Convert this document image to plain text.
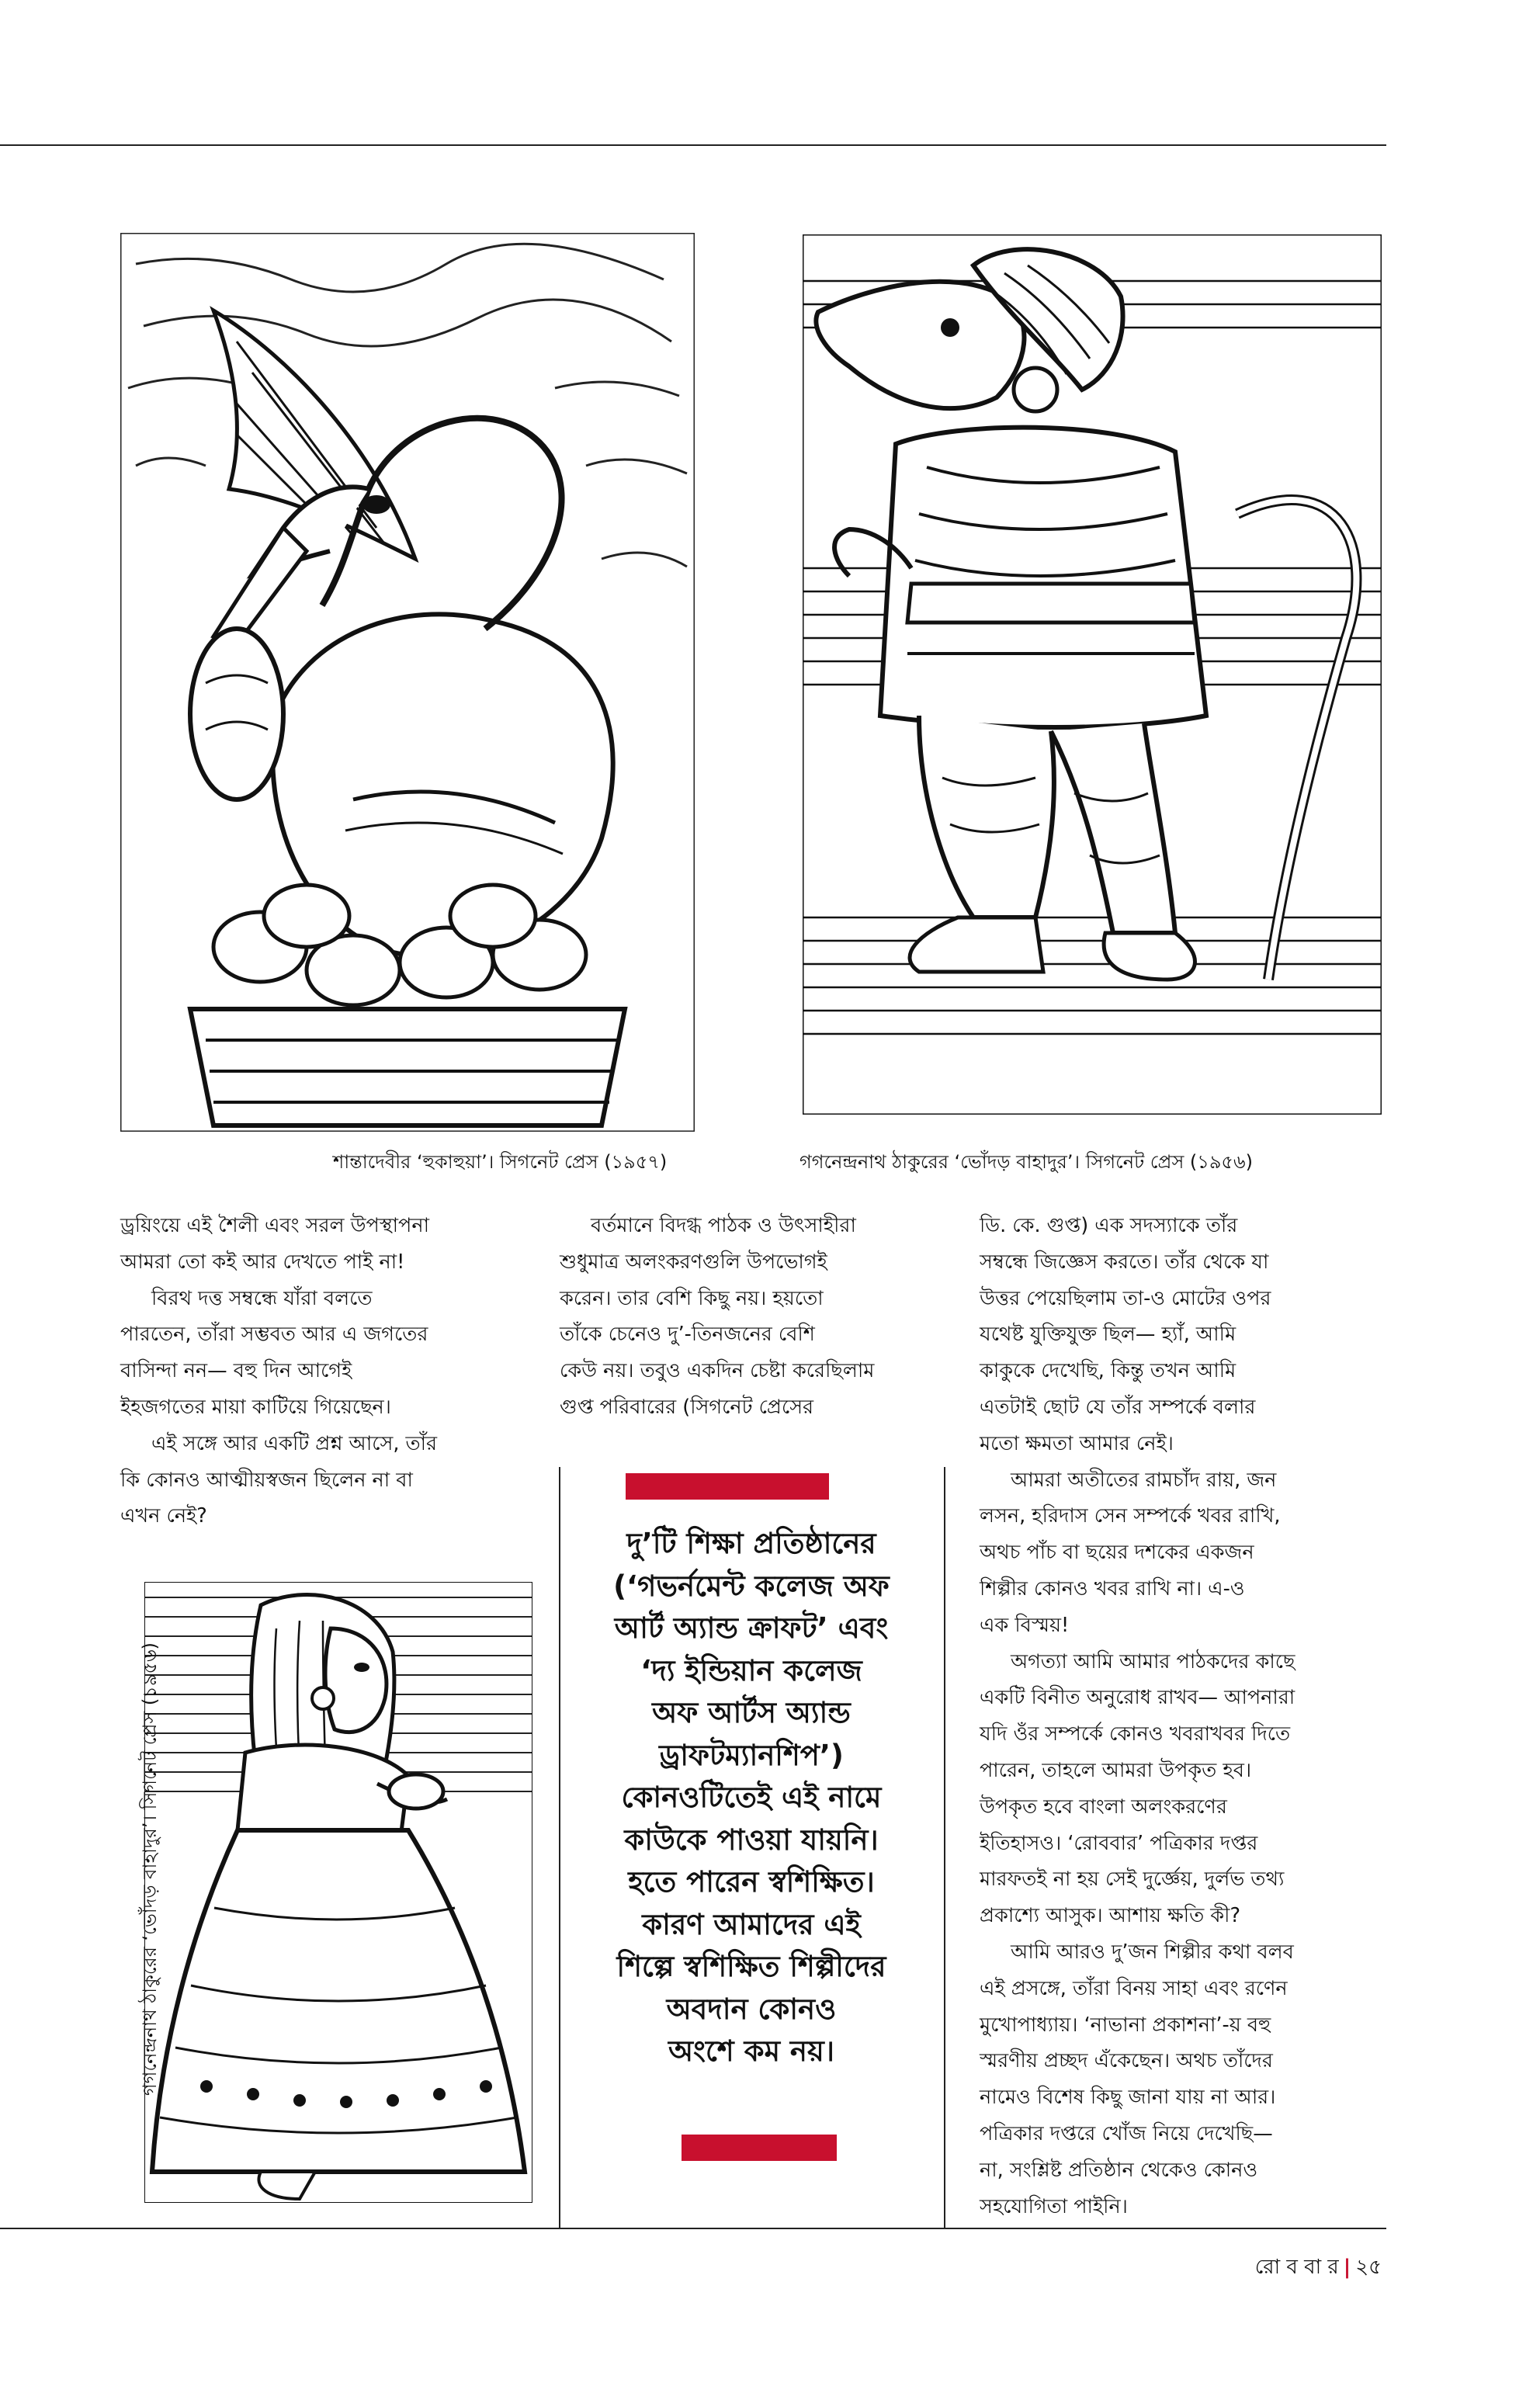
শান্তাদেবীর ‘হুকাহুয়া’। সিগনেট প্রেস (১৯৫৭)	গগনেন্দ্রনাথ ঠাকুরের ‘ভোঁদড় বাহাদুর’। সিগনেট প্রেস (১৯৫৬)
ড্রয়িংয়ে এই শৈলী এবং সরল উপস্থাপনা
আমরা তো কই আর দেখতে পাই না!
বিরথ দত্ত সম্বন্ধে যাঁরা বলতে
পারতেন, তাঁরা সম্ভবত আর এ জগতের
বাসিন্দা নন— বহু দিন আগেই
ইহজগতের মায়া কাটিয়ে গিয়েছেন।
এই সঙ্গে আর একটি প্রশ্ন আসে, তাঁর
কি কোনও আত্মীয়স্বজন ছিলেন না বা
এখন নেই?
বর্তমানে বিদগ্ধ পাঠক ও উৎসাহীরা
শুধুমাত্র অলংকরণগুলি উপভোগই
করেন। তার বেশি কিছু নয়। হয়তো
তাঁকে চেনেও দু’-তিনজনের বেশি
কেউ নয়। তবুও একদিন চেষ্টা করেছিলাম
গুপ্ত পরিবারের (সিগনেট প্রেসের
ডি. কে. গুপ্ত) এক সদস্যাকে তাঁর
সম্বন্ধে জিজ্ঞেস করতে। তাঁর থেকে যা
উত্তর পেয়েছিলাম তা-ও মোটের ওপর
যথেষ্ট যুক্তিযুক্ত ছিল— হ্যাঁ, আমি
কাকুকে দেখেছি, কিন্তু তখন আমি
এতটাই ছোট যে তাঁর সম্পর্কে বলার
মতো ক্ষমতা আমার নেই।
আমরা অতীতের রামচাঁদ রায়, জন
লসন, হরিদাস সেন সম্পর্কে খবর রাখি,
অথচ পাঁচ বা ছয়ের দশকের একজন
শিল্পীর কোনও খবর রাখি না। এ-ও
এক বিস্ময়!
অগত্যা আমি আমার পাঠকদের কাছে
একটি বিনীত অনুরোধ রাখব— আপনারা
যদি ওঁর সম্পর্কে কোনও খবরাখবর দিতে
পারেন, তাহলে আমরা উপকৃত হব।
উপকৃত হবে বাংলা অলংকরণের
ইতিহাসও। ‘রোববার’ পত্রিকার দপ্তর
মারফতই না হয় সেই দুর্জ্ঞেয়, দুর্লভ তথ্য
প্রকাশ্যে আসুক। আশায় ক্ষতি কী?
আমি আরও দু’জন শিল্পীর কথা বলব
এই প্রসঙ্গে, তাঁরা বিনয় সাহা এবং রণেন
মুখোপাধ্যায়। ‘নাভানা প্রকাশনা’-য় বহু
স্মরণীয় প্রচ্ছদ এঁকেছেন। অথচ তাঁদের
নামেও বিশেষ কিছু জানা যায় না আর।
পত্রিকার দপ্তরে খোঁজ নিয়ে দেখেছি—
না, সংশ্লিষ্ট প্রতিষ্ঠান থেকেও কোনও
সহযোগিতা পাইনি।
দু’টি শিক্ষা প্রতিষ্ঠানের
(‘গভর্নমেন্ট কলেজ অফ
আর্ট অ্যান্ড ক্রাফট’ এবং
‘দ্য ইন্ডিয়ান কলেজ
অফ আর্টস অ্যান্ড
ড্রাফটম্যানশিপ’)
কোনওটিতেই এই নামে
কাউকে পাওয়া যায়নি।
হতে পারেন স্বশিক্ষিত।
কারণ আমাদের এই
শিল্পে স্বশিক্ষিত শিল্পীদের
অবদান কোনও
অংশে কম নয়।
গগনেন্দ্রনাথ ঠাকুরের ‘ভোঁদড় বাহাদুর’। সিগনেট প্রেস (১৯৫৬)
রো ব বা র | ২৫
